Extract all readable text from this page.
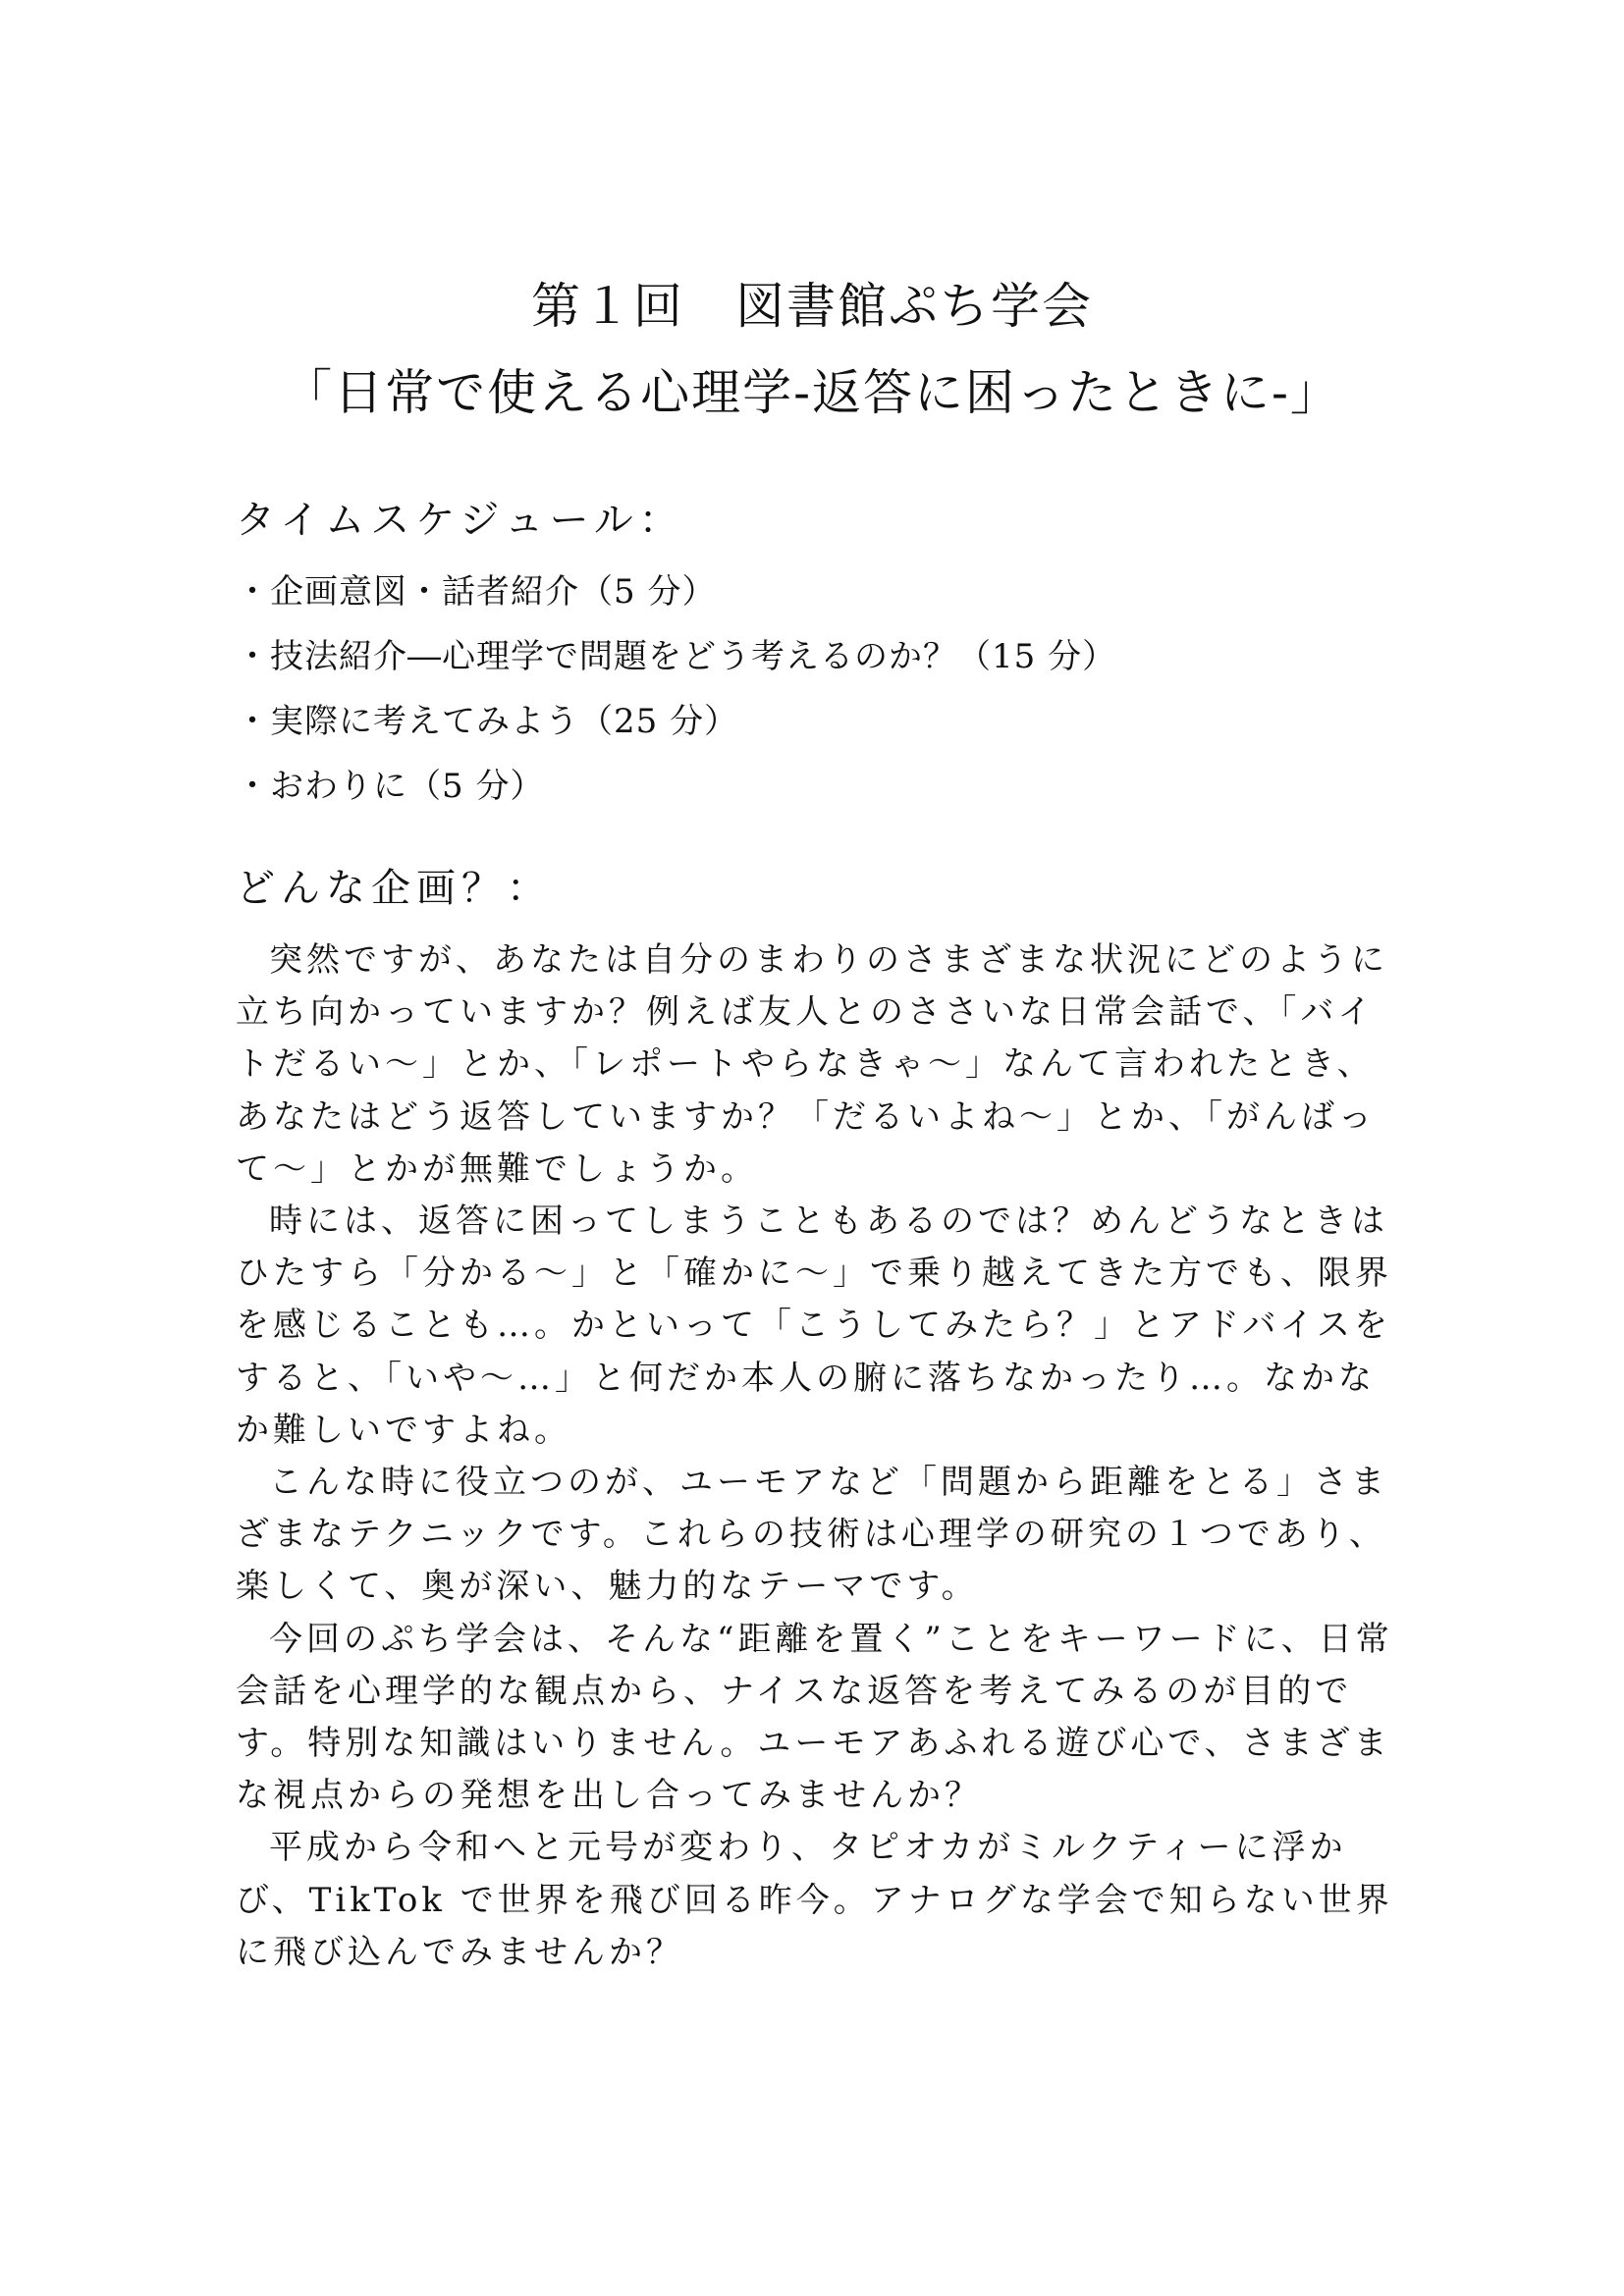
第１回　図書館ぷち学会
「日常で使える心理学‐返答に困ったときに‐」
タイムスケジュール：
・企画意図・話者紹介（5 分）
・技法紹介―心理学で問題をどう考えるのか？（15 分）
・実際に考えてみよう（25 分）
・おわりに（5 分）
どんな企画？：

突然ですが、あなたは自分のまわりのさまざまな状況にどのように立ち向かっていますか？例えば友人とのささいな日常会話で、「バイトだるい～」とか、「レポートやらなきゃ～」なんて言われたとき、あなたはどう返答していますか？「だるいよね～」とか、「がんばって～」とかが無難でしょうか。

時には、返答に困ってしまうこともあるのでは？めんどうなときはひたすら「分かる～」と「確かに～」で乗り越えてきた方でも、限界を感じることも…。かといって「こうしてみたら？」とアドバイスをすると、「いや～…」と何だか本人の腑に落ちなかったり…。なかなか難しいですよね。

こんな時に役立つのが、ユーモアなど「問題から距離をとる」さまざまなテクニックです。これらの技術は心理学の研究の１つであり、楽しくて、奥が深い、魅力的なテーマです。

今回のぷち学会は、そんな“距離を置く”ことをキーワードに、日常会話を心理学的な観点から、ナイスな返答を考えてみるのが目的です。特別な知識はいりません。ユーモアあふれる遊び心で、さまざまな視点からの発想を出し合ってみませんか？

平成から令和へと元号が変わり、タピオカがミルクティーに浮かび、TikTok で世界を飛び回る昨今。アナログな学会で知らない世界に飛び込んでみませんか？
